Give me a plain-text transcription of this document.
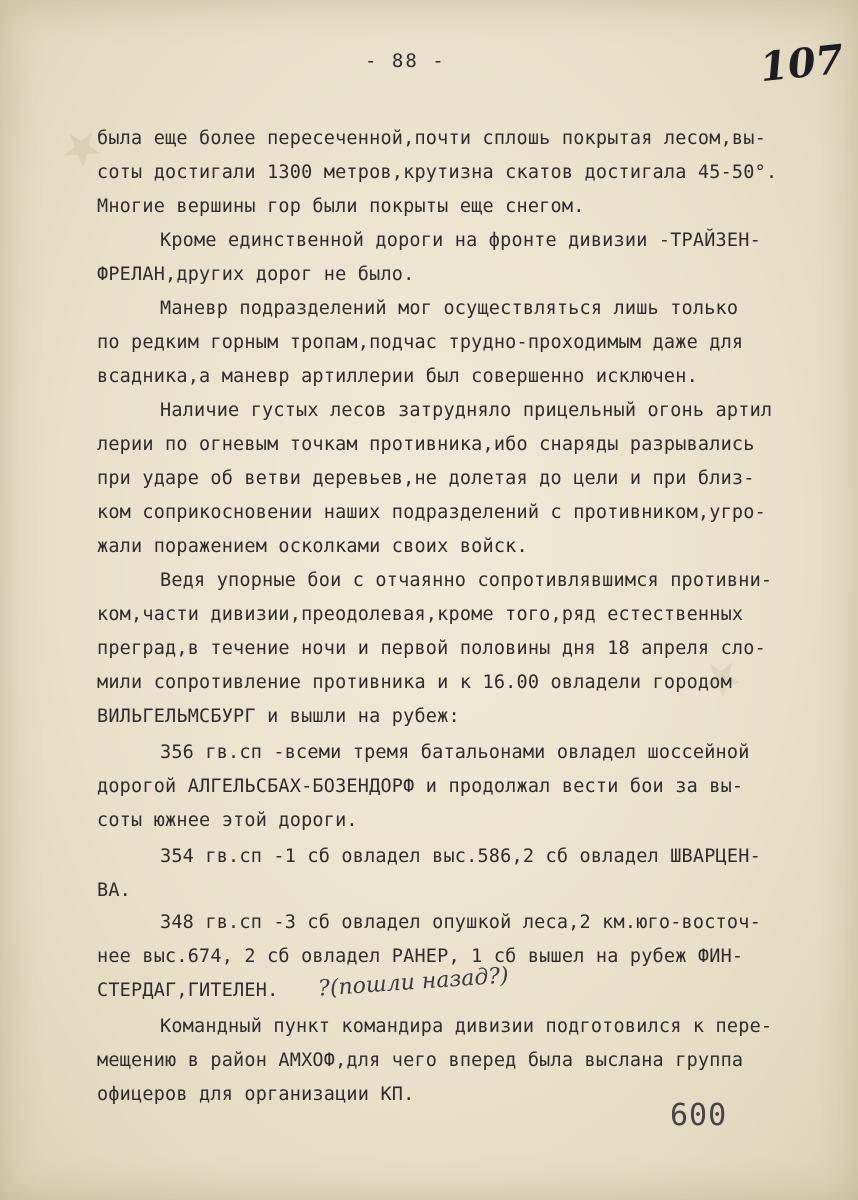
★
★
- 88 -	107
была еще более пересеченной,почти сплошь покрытая лесом,вы-
соты достигали 1300 метров,крутизна скатов достигала 45-50°.
Многие вершины гор были покрыты еще снегом.
Кроме единственной дороги на фронте дивизии -ТРАЙЗЕН-
ФРЕЛАН,других дорог не было.
Маневр подразделений мог осуществляться лишь только
по редким горным тропам,подчас трудно-проходимым даже для
всадника,а маневр артиллерии был совершенно исключен.
Наличие густых лесов затрудняло прицельный огонь артил
лерии по огневым точкам противника,ибо снаряды разрывались
при ударе об ветви деревьев,не долетая до цели и при близ-
ком соприкосновении наших подразделений с противником,угро-
жали поражением осколками своих войск.
Ведя упорные бои с отчаянно сопротивлявшимся противни-
ком,части дивизии,преодолевая,кроме того,ряд естественных
преград,в течение ночи и первой половины дня 18 апреля сло-
мили сопротивление противника и к 16.00 овладели городом
ВИЛЬГЕЛЬМСБУРГ и вышли на рубеж:
356 гв.сп -всеми тремя батальонами овладел шоссейной
дорогой АЛГЕЛЬСБАХ-БОЗЕНДОРФ и продолжал вести бои за вы-
соты южнее этой дороги.
354 гв.сп -1 сб овладел выс.586,2 сб овладел ШВАРЦЕН-
ВА.
348 гв.сп -3 сб овладел опушкой леса,2 км.юго-восточ-
нее выс.674, 2 сб овладел РАНЕР, 1 сб вышел на рубеж ФИН-
СТЕРДАГ,ГИТЕЛЕН.
Командный пункт командира дивизии подготовился к пере-
мещению в район АМХОФ,для чего вперед была выслана группа
офицеров для организации КП.
?(пошли назад?)
600
